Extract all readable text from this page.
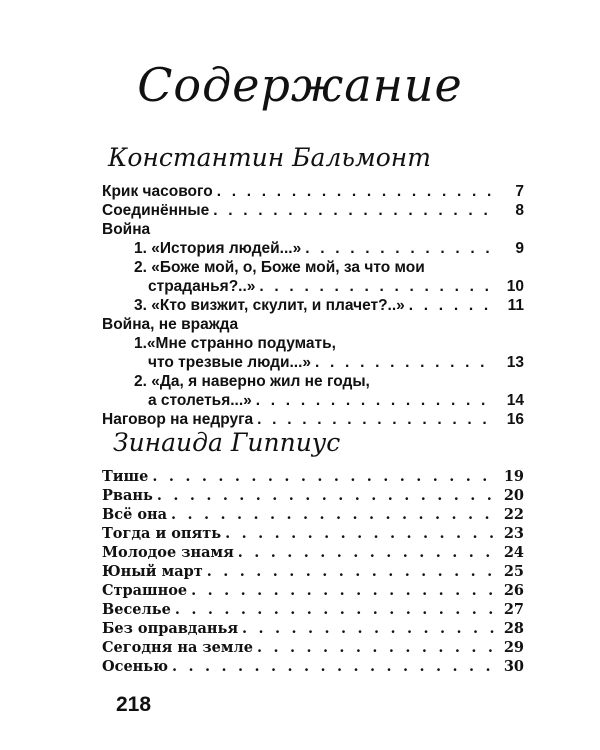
Содержание
Константин Бальмонт
Крик часового . . .	7
Соединённые . . .	8
Война
1. «История людей...» . . .	9
2. «Боже мой, о, Боже мой, за что мои
страданья?..» . . .	10
3. «Кто визжит, скулит, и плачет?..» . . .	11
Война, не вражда
1.«Мне странно подумать,
что трезвые люди...» . . .	13
2. «Да, я наверно жил не годы,
а столетья...» . . .	14
Наговор на недруга . . .	16
Зинаида Гиппиус
Тише . . .	19
Рвань . . .	20
Всё она . . .	22
Тогда и опять . . .	23
Молодое знамя . . .	24
Юный март . . .	25
Страшное . . .	26
Веселье . . .	27
Без оправданья . . .	28
Сегодня на земле . . .	29
Осенью . . .	30
218
